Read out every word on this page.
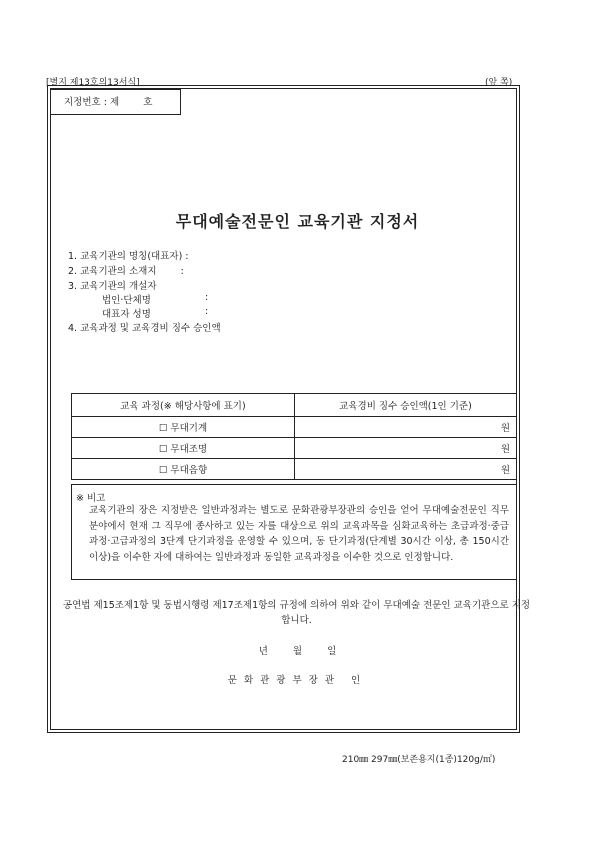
[별지 제13호의13서식]	(앞 쪽)
지정번호 : 제        호
무대예술전문인 교육기관 지정서
1. 교육기관의 명칭(대표자) :
2. 교육기관의 소재지        :
3. 교육기관의 개설자
법인·단체명	:
대표자 성명	:
4. 교육과정 및 교육경비 징수 승인액
교육 과정(※ 해당사항에 표기)	교육경비 징수 승인액(1인 기준)
☐ 무대기계	원
☐ 무대조명	원
☐ 무대음향	원
※ 비고
교육기관의 장은 지정받은 일반과정과는 별도로 문화관광부장관의 승인을 얻어 무대예술전문인 직무 분야에서 현재 그 직무에 종사하고 있는 자를 대상으로 위의 교육과목을 심화교육하는 초급과정·중급과정·고급과정의 3단계 단기과정을 운영할 수 있으며, 동 단기과정(단계별 30시간 이상, 총 150시간 이상)을 이수한 자에 대하여는 일반과정과 동일한 교육과정을 이수한 것으로 인정합니다.
공연법 제15조제1항 및 동법시행령 제17조제1항의 규정에 의하여 위와 같이 무대예술 전문인 교육기관으로 지정합니다.
년 월 일
문화관광부장관 인
210㎜ 297㎜(보존용지(1종)120g/㎡)
